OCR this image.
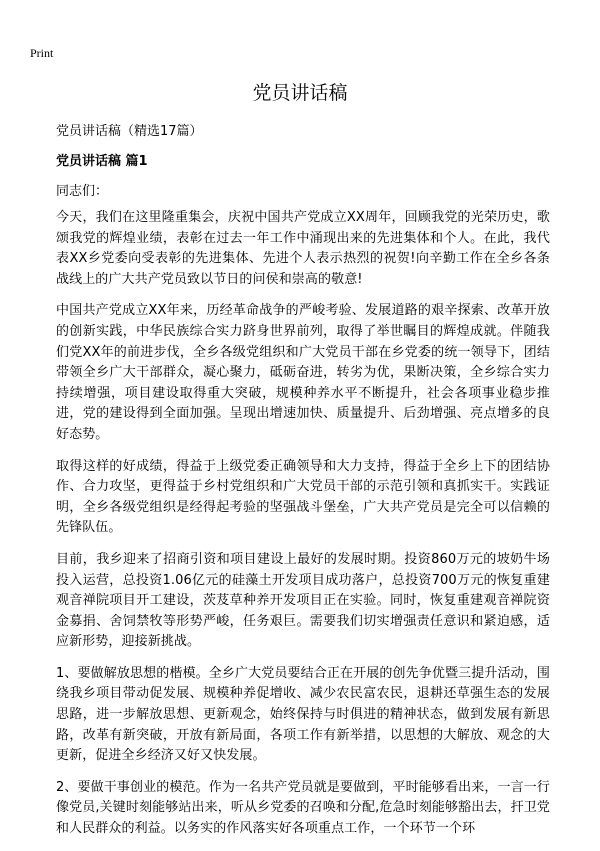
Print
党员讲话稿
党员讲话稿（精选17篇）
党员讲话稿 篇1
同志们：

今天，我们在这里隆重集会，庆祝中国共产党成立XX周年，回顾我党的光荣历史，歌颂我党的辉煌业绩，表彰在过去一年工作中涌现出来的先进集体和个人。在此，我代表XX乡党委向受表彰的先进集体、先进个人表示热烈的祝贺!向辛勤工作在全乡各条战线上的广大共产党员致以节日的问侯和崇高的敬意!

中国共产党成立XX年来，历经革命战争的严峻考验、发展道路的艰辛探索、改革开放的创新实践，中华民族综合实力跻身世界前列，取得了举世瞩目的辉煌成就。伴随我们党XX年的前进步伐，全乡各级党组织和广大党员干部在乡党委的统一领导下，团结带领全乡广大干部群众，凝心聚力，砥砺奋进，转劣为优，果断决策，全乡综合实力持续增强，项目建设取得重大突破，规模种养水平不断提升，社会各项事业稳步推进，党的建设得到全面加强。呈现出增速加快、质量提升、后劲增强、亮点增多的良好态势。

取得这样的好成绩，得益于上级党委正确领导和大力支持，得益于全乡上下的团结协作、合力攻坚，更得益于乡村党组织和广大党员干部的示范引领和真抓实干。实践证明，全乡各级党组织是经得起考验的坚强战斗堡垒，广大共产党员是完全可以信赖的先锋队伍。

目前，我乡迎来了招商引资和项目建设上最好的发展时期。投资860万元的坡奶牛场投入运营，总投资1.06亿元的硅藻土开发项目成功落户，总投资700万元的恢复重建观音禅院项目开工建设，茨芨草种养开发项目正在实验。同时，恢复重建观音禅院资金募捐、舍饲禁牧等形势严峻，任务艰巨。需要我们切实增强责任意识和紧迫感，适应新形势，迎接新挑战。

1、要做解放思想的楷模。全乡广大党员要结合正在开展的创先争优暨三提升活动，围绕我乡项目带动促发展、规模种养促增收、减少农民富农民，退耕还草强生态的发展思路，进一步解放思想、更新观念，始终保持与时俱进的精神状态，做到发展有新思路，改革有新突破，开放有新局面，各项工作有新举措，以思想的大解放、观念的大更新，促进全乡经济又好又快发展。

2、要做干事创业的模范。作为一名共产党员就是要做到，平时能够看出来，一言一行像党员,关键时刻能够站出来，听从乡党委的召唤和分配,危急时刻能够豁出去，扞卫党和人民群众的利益。以务实的作风落实好各项重点工作，一个环节一个环
